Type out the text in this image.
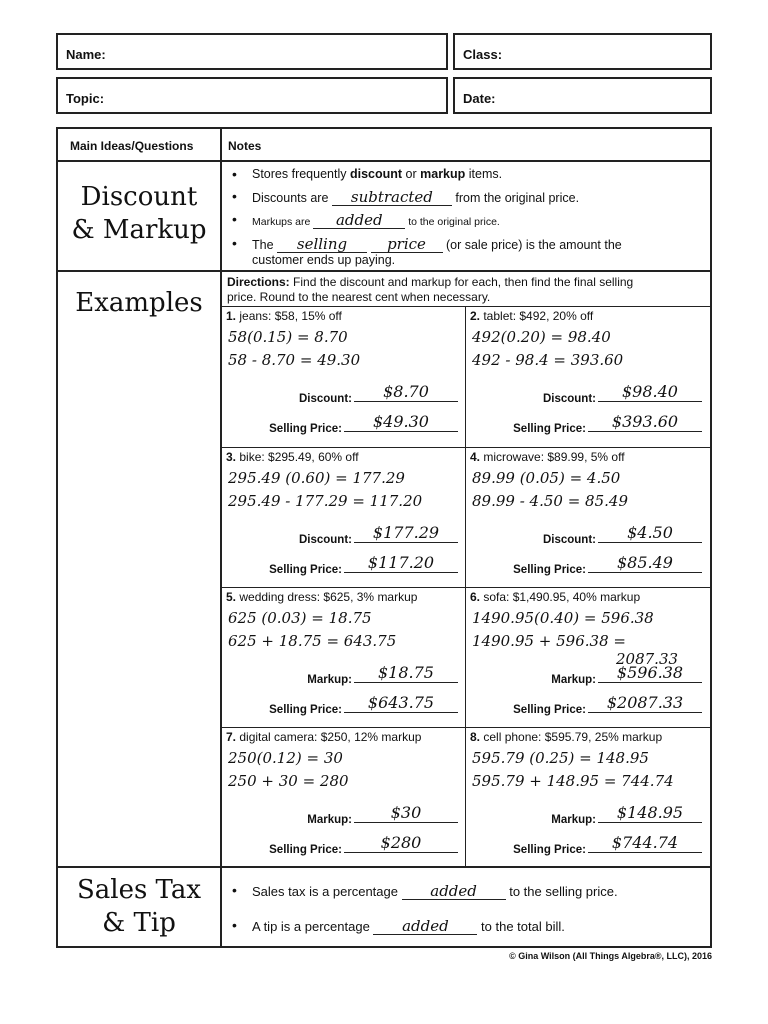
Name:	Class:
Topic:	Date:
Main Ideas/Questions	Notes
Discount
& Markup
• Stores frequently discount or markup items.
• Discounts are subtracted from the original price.
• Markups are added to the original price.
• The selling	price (or sale price) is the amount the
customer ends up paying.
Examples
Directions: Find the discount and markup for each, then find the final selling
price. Round to the nearest cent when necessary.
1. jeans: $58, 15% off
58(0.15) = 8.70
58 - 8.70 = 49.30
Discount:	$8.70
Selling Price:	$49.30
2. tablet: $492, 20% off
492(0.20) = 98.40
492 - 98.4 = 393.60
Discount:	$98.40
Selling Price:	$393.60
3. bike: $295.49, 60% off
295.49 (0.60) = 177.29
295.49 - 177.29 = 117.20
Discount:	$177.29
Selling Price:	$117.20
4. microwave: $89.99, 5% off
89.99 (0.05) = 4.50
89.99 - 4.50 = 85.49
Discount:	$4.50
Selling Price:	$85.49
5. wedding dress: $625, 3% markup
625 (0.03) = 18.75
625 + 18.75 = 643.75
Markup:	$18.75
Selling Price:	$643.75
6. sofa: $1,490.95, 40% markup
1490.95(0.40) = 596.38
1490.95 + 596.38 =
2087.33
Markup:	$596.38
Selling Price:	$2087.33
7. digital camera: $250, 12% markup
250(0.12) = 30
250 + 30 = 280
Markup:	$30
Selling Price:	$280
8. cell phone: $595.79, 25% markup
595.79 (0.25) = 148.95
595.79 + 148.95 = 744.74
Markup:	$148.95
Selling Price:	$744.74
Sales Tax
& Tip
• Sales tax is a percentage added to the selling price.
• A tip is a percentage added to the total bill.
© Gina Wilson (All Things Algebra®, LLC), 2016
